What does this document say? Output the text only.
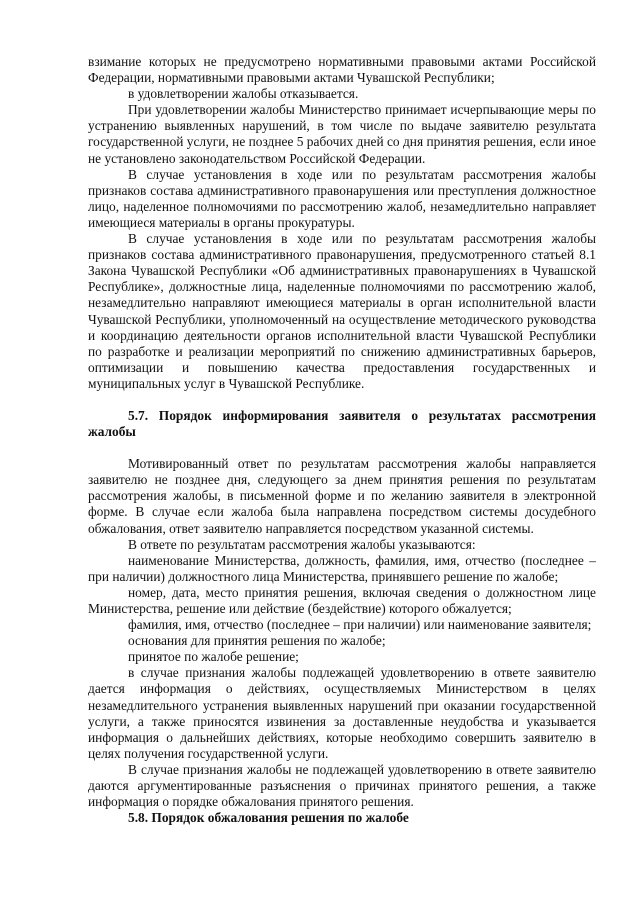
взимание которых не предусмотрено нормативными правовыми актами Российской Федерации, нормативными правовыми актами Чувашской Республики;

в удовлетворении жалобы отказывается.

При удовлетворении жалобы Министерство принимает исчерпывающие меры по устранению выявленных нарушений, в том числе по выдаче заявителю результата государственной услуги, не позднее 5 рабочих дней со дня принятия решения, если иное не установлено законодательством Российской Федерации.

В случае установления в ходе или по результатам рассмотрения жалобы признаков состава административного правонарушения или преступления должностное лицо, наделенное полномочиями по рассмотрению жалоб, незамедлительно направляет имеющиеся материалы в органы прокуратуры.

В случае установления в ходе или по результатам рассмотрения жалобы признаков состава административного правонарушения, предусмотренного статьей 8.1 Закона Чувашской Республики «Об административных правонарушениях в Чувашской Республике», должностные лица, наделенные полномочиями по рассмотрению жалоб, незамедлительно направляют имеющиеся материалы в орган исполнительной власти Чувашской Республики, уполномоченный на осуществление методического руководства и координацию деятельности органов исполнительной власти Чувашской Республики по разработке и реализации мероприятий по снижению административных барьеров, оптимизации и повышению качества предоставления государственных и муниципальных услуг в Чувашской Республике.

5.7. Порядок информирования заявителя о результатах рассмотрения жалобы

Мотивированный ответ по результатам рассмотрения жалобы направляется заявителю не позднее дня, следующего за днем принятия решения по результатам рассмотрения жалобы, в письменной форме и по желанию заявителя в электронной форме. В случае если жалоба была направлена посредством системы досудебного обжалования, ответ заявителю направляется посредством указанной системы.

В ответе по результатам рассмотрения жалобы указываются:

наименование Министерства, должность, фамилия, имя, отчество (последнее – при наличии) должностного лица Министерства, принявшего решение по жалобе;

номер, дата, место принятия решения, включая сведения о должностном лице Министерства, решение или действие (бездействие) которого обжалуется;

фамилия, имя, отчество (последнее – при наличии) или наименование заявителя;

основания для принятия решения по жалобе;

принятое по жалобе решение;

в случае признания жалобы подлежащей удовлетворению в ответе заявителю дается информация о действиях, осуществляемых Министерством в целях незамедлительного устранения выявленных нарушений при оказании государственной услуги, а также приносятся извинения за доставленные неудобства и указывается информация о дальнейших действиях, которые необходимо совершить заявителю в целях получения государственной услуги.

В случае признания жалобы не подлежащей удовлетворению в ответе заявителю даются аргументированные разъяснения о причинах принятого решения, а также информация о порядке обжалования принятого решения.

5.8. Порядок обжалования решения по жалобе
